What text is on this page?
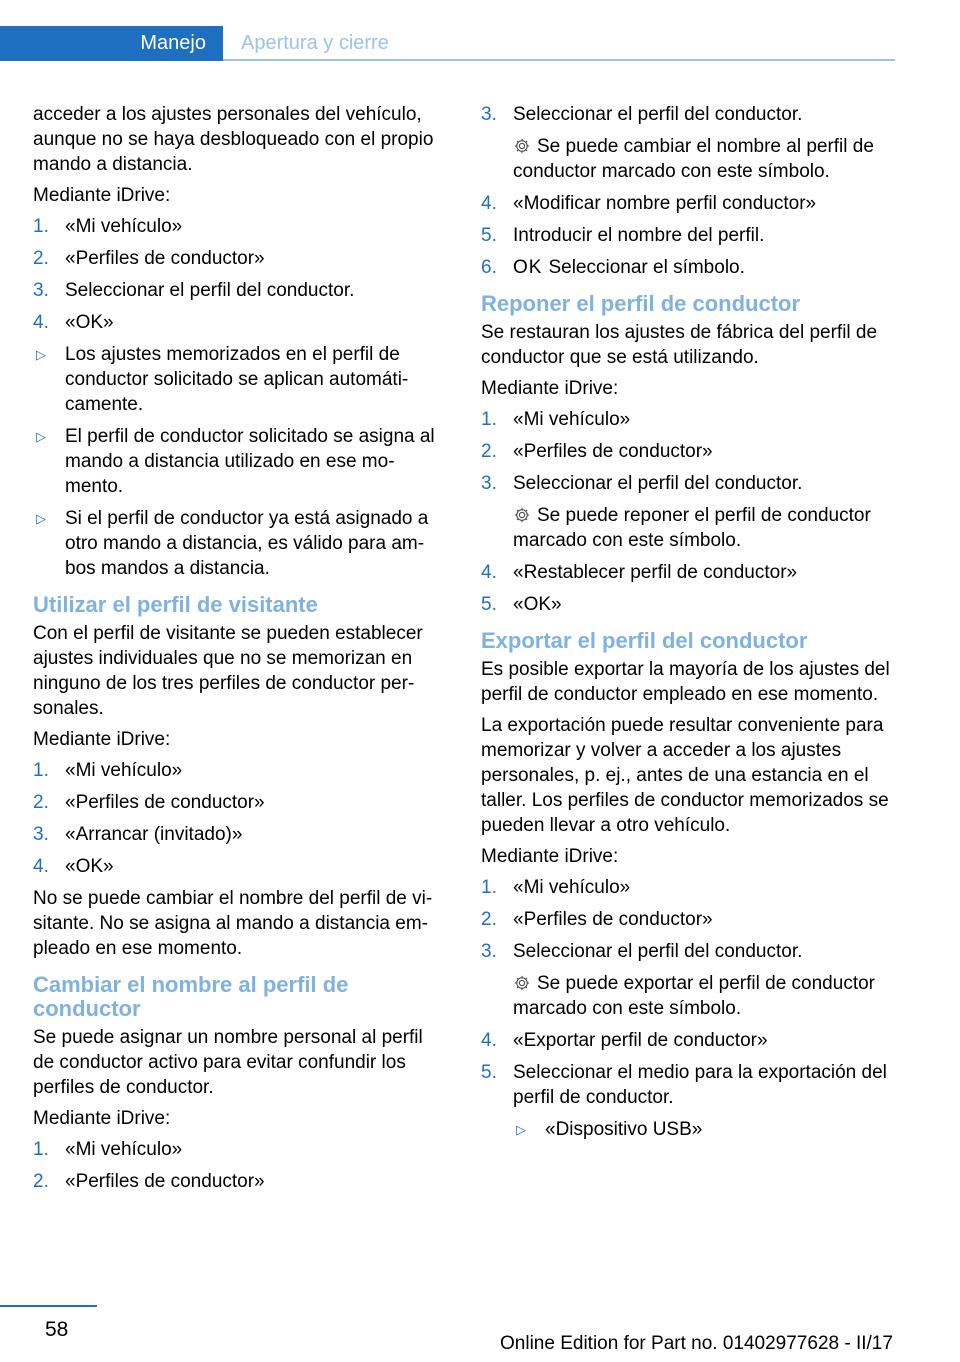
Manejo	Apertura y cierre

acceder a los ajustes personales del vehículo, aunque no se haya desbloqueado con el propio mando a distancia.

Mediante iDrive:

1. «Mi vehículo»
2. «Perfiles de conductor»
3. Seleccionar el perfil del conductor.
4. «OK»
▷ Los ajustes memorizados en el perfil de conductor solicitado se aplican automáticamente.
▷ El perfil de conductor solicitado se asigna al mando a distancia utilizado en ese momento.
▷ Si el perfil de conductor ya está asignado a otro mando a distancia, es válido para ambos mandos a distancia.
Utilizar el perfil de visitante

Con el perfil de visitante se pueden establecer ajustes individuales que no se memorizan en ninguno de los tres perfiles de conductor personales.

Mediante iDrive:

1. «Mi vehículo»
2. «Perfiles de conductor»
3. «Arrancar (invitado)»
4. «OK»

No se puede cambiar el nombre del perfil de visitante. No se asigna al mando a distancia empleado en ese momento.

Cambiar el nombre al perfil de conductor

Se puede asignar un nombre personal al perfil de conductor activo para evitar confundir los perfiles de conductor.

Mediante iDrive:

1. «Mi vehículo»
2. «Perfiles de conductor»
3. Seleccionar el perfil del conductor.
Se puede cambiar el nombre al perfil de conductor marcado con este símbolo.
4. «Modificar nombre perfil conductor»
5. Introducir el nombre del perfil.
6. OK Seleccionar el símbolo.
Reponer el perfil de conductor

Se restauran los ajustes de fábrica del perfil de conductor que se está utilizando.

Mediante iDrive:

1. «Mi vehículo»
2. «Perfiles de conductor»
3. Seleccionar el perfil del conductor.
Se puede reponer el perfil de conductor marcado con este símbolo.
4. «Restablecer perfil de conductor»
5. «OK»
Exportar el perfil del conductor

Es posible exportar la mayoría de los ajustes del perfil de conductor empleado en ese momento.

La exportación puede resultar conveniente para memorizar y volver a acceder a los ajustes personales, p. ej., antes de una estancia en el taller. Los perfiles de conductor memorizados se pueden llevar a otro vehículo.

Mediante iDrive:

1. «Mi vehículo»
2. «Perfiles de conductor»
3. Seleccionar el perfil del conductor.
Se puede exportar el perfil de conductor marcado con este símbolo.
4. «Exportar perfil de conductor»
5. Seleccionar el medio para la exportación del perfil de conductor.
▷ «Dispositivo USB»
58
Online Edition for Part no. 01402977628 - II/17
